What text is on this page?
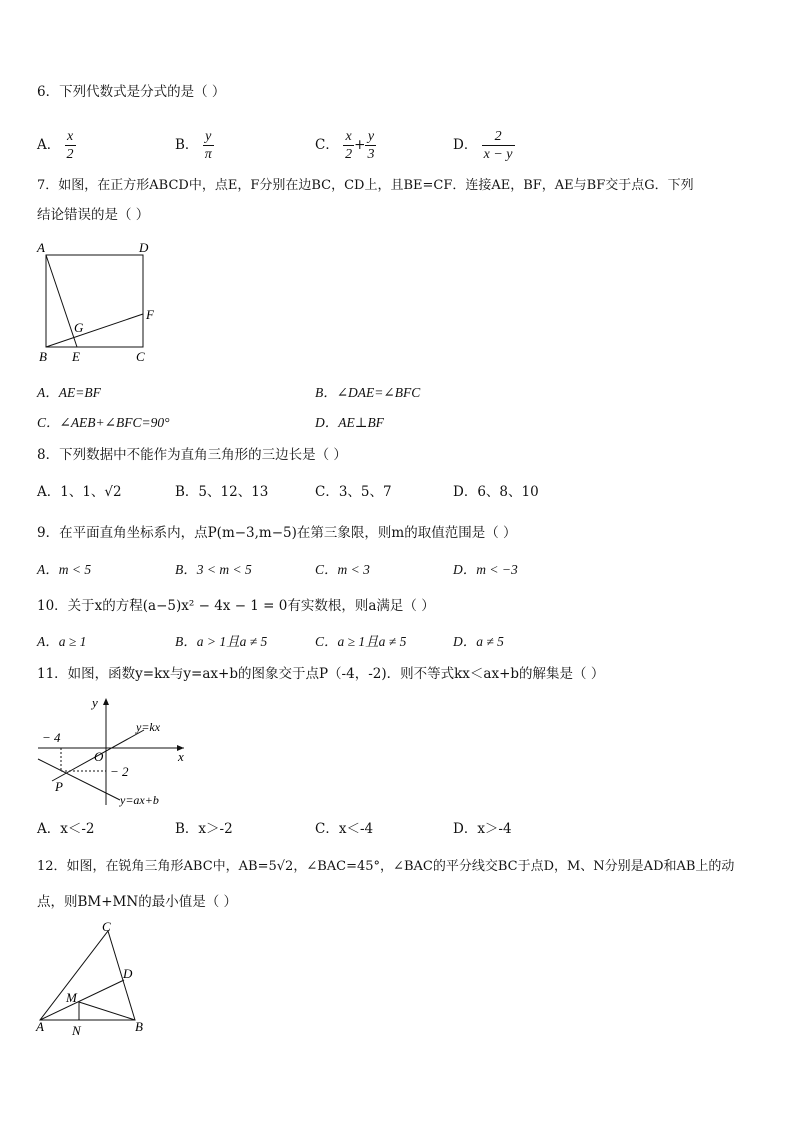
6．下列代数式是分式的是（ ）
A． $\frac{x}{2}$	B． $\frac{y}{\pi}$	C． $\frac{x}{2} + \frac{y}{3}$	D． $\frac{2}{x - y}$
7．如图，在正方形ABCD中，点E，F分别在边BC，CD上，且BE=CF．连接AE，BF，AE与BF交于点G．下列
结论错误的是（ ）
A	D
F
G
B E	C
A．AE=BF	B．∠DAE=∠BFC
C．∠AEB+∠BFC=90°	D．AE⊥BF
8．下列数据中不能作为直角三角形的三边长是（ ）
A．1、1、√2	B．5、12、13	C．3、5、7	D．6、8、10
9．在平面直角坐标系内，点P(m−3,m−5)在第三象限，则m的取值范围是（ ）
A．m < 5	B．3 < m < 5	C．m < 3	D．m < −3
10．关于x的方程(a−5)x² − 4x − 1 = 0有实数根，则a满足（ ）
A．a ≥ 1	B．a > 1且a ≠ 5	C．a ≥ 1且a ≠ 5	D．a ≠ 5
11．如图，函数y=kx与y=ax+b的图象交于点P（-4，-2)．则不等式kx＜ax+b的解集是（ ）
y
x
O
P
− 4
− 2
y=kx
y=ax+b
A．x＜-2	B．x＞-2	C．x＜-4	D．x＞-4
12．如图，在锐角三角形ABC中，AB=5√2，∠BAC=45°，∠BAC的平分线交BC于点D，M、N分别是AD和AB上的动
点，则BM+MN的最小值是（ ）
C
D
M
A N	B
